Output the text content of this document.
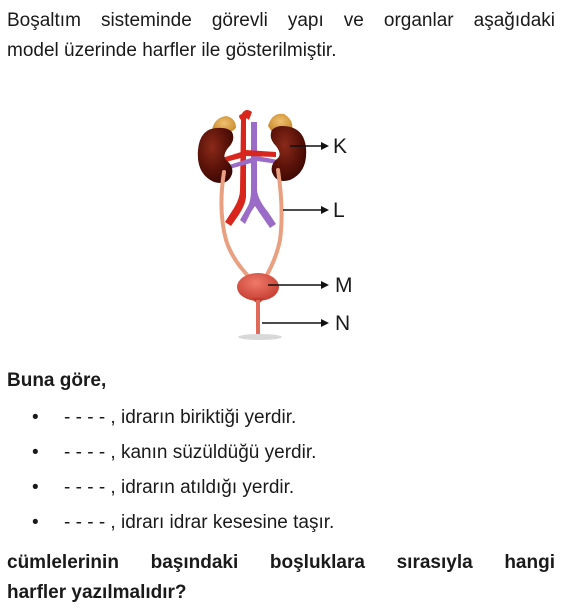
Boşaltım sisteminde görevli yapı ve organlar aşağıdaki
model üzerinde harfler ile gösterilmiştir.
K
L
M
N
Buna göre,
• - - - - , idrarın biriktiği yerdir.
• - - - - , kanın süzüldüğü yerdir.
• - - - - , idrarın atıldığı yerdir.
• - - - - , idrarı idrar kesesine taşır.
cümlelerinin başındaki boşluklara sırasıyla hangi
harfler yazılmalıdır?
